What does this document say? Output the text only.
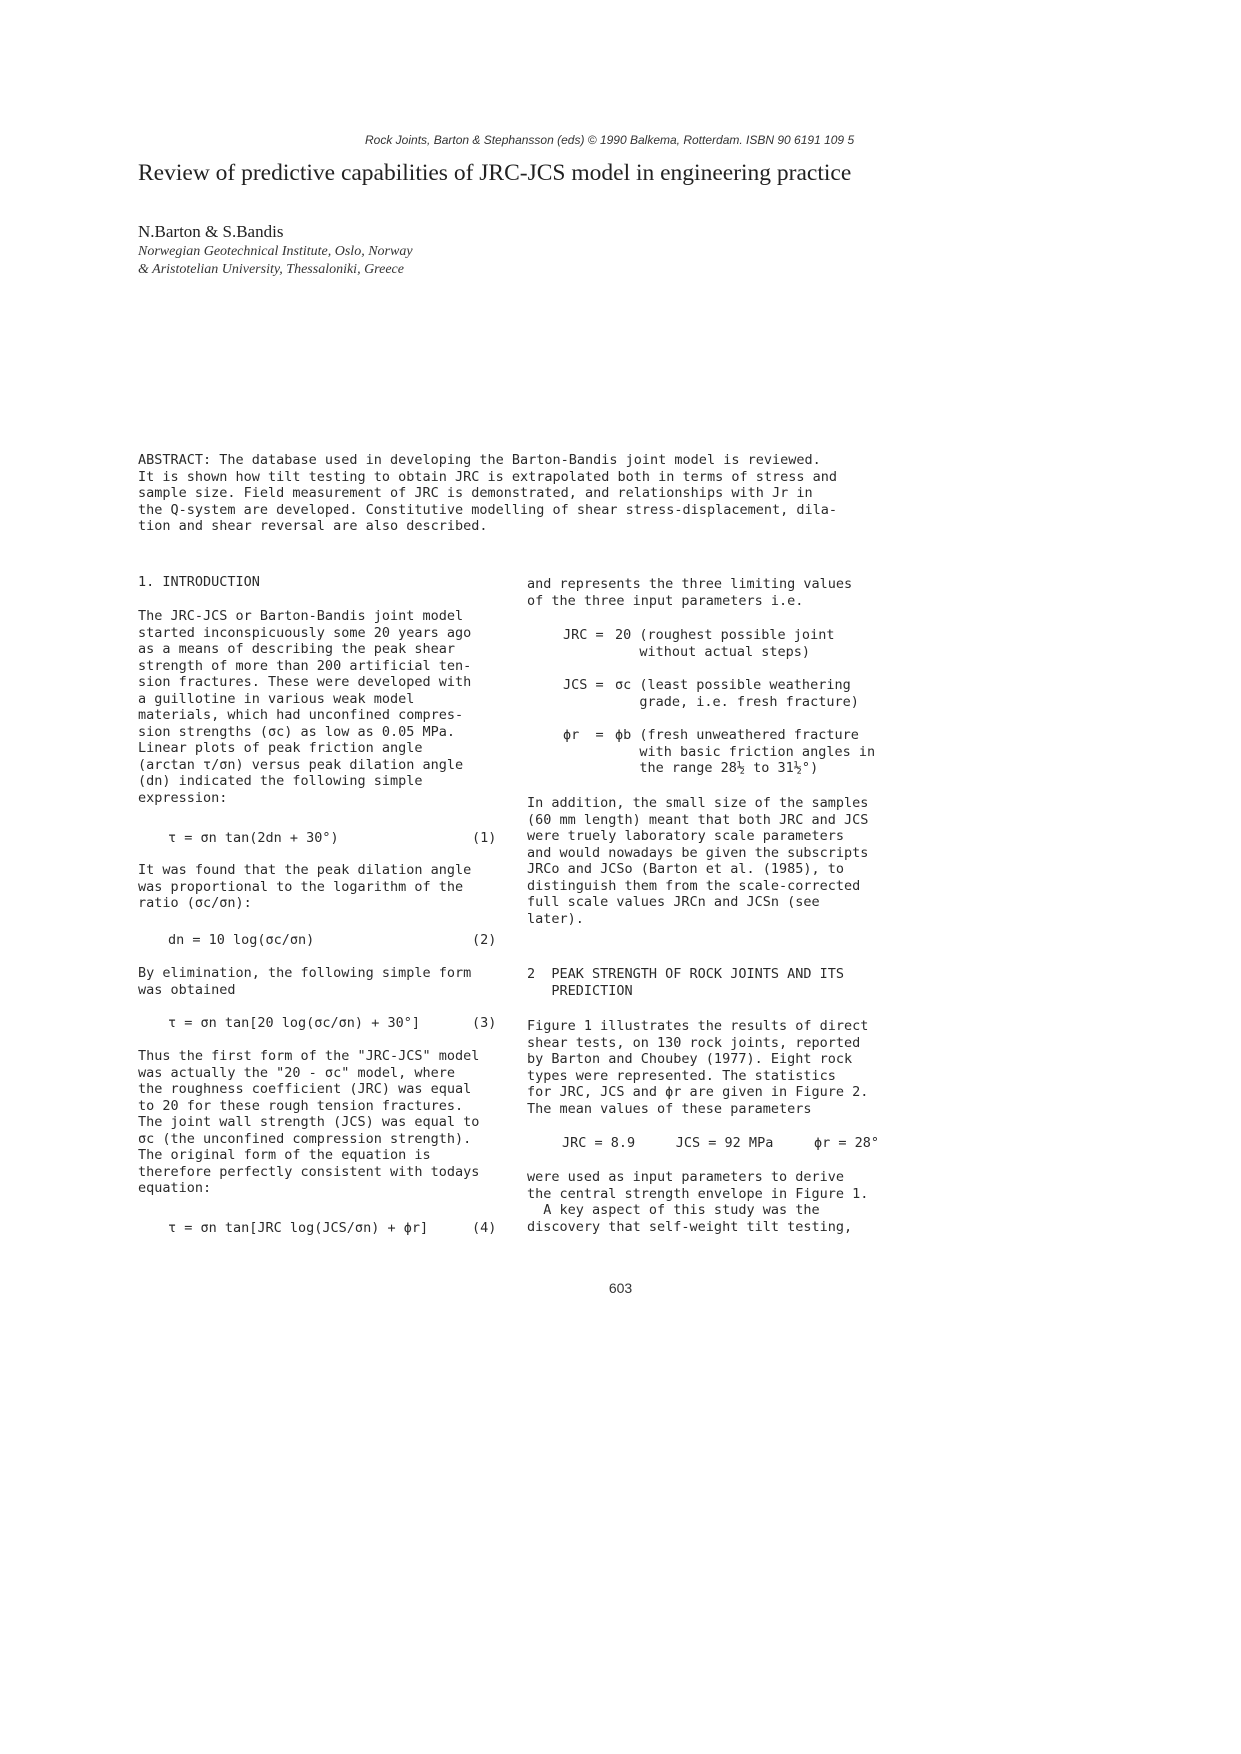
Rock Joints, Barton & Stephansson (eds) © 1990 Balkema, Rotterdam. ISBN 90 6191 109 5
Review of predictive capabilities of JRC-JCS model in engineering practice
N.Barton & S.Bandis
Norwegian Geotechnical Institute, Oslo, Norway
& Aristotelian University, Thessaloniki, Greece
ABSTRACT: The database used in developing the Barton-Bandis joint model is reviewed.
It is shown how tilt testing to obtain JRC is extrapolated both in terms of stress and
sample size. Field measurement of JRC is demonstrated, and relationships with Jr in
the Q-system are developed. Constitutive modelling of shear stress-displacement, dila-
tion and shear reversal are also described.
1. INTRODUCTION
The JRC-JCS or Barton-Bandis joint model
started inconspicuously some 20 years ago
as a means of describing the peak shear
strength of more than 200 artificial ten-
sion fractures. These were developed with
a guillotine in various weak model
materials, which had unconfined compres-
sion strengths (σc) as low as 0.05 MPa.
Linear plots of peak friction angle
(arctan τ/σn) versus peak dilation angle
(dn) indicated the following simple
expression:
τ = σn tan(2dn + 30°)	(1)
It was found that the peak dilation angle
was proportional to the logarithm of the
ratio (σc/σn):
dn = 10 log(σc/σn)	(2)
By elimination, the following simple form
was obtained
τ = σn tan[20 log(σc/σn) + 30°]	(3)
Thus the first form of the "JRC-JCS" model
was actually the "20 - σc" model, where
the roughness coefficient (JRC) was equal
to 20 for these rough tension fractures.
The joint wall strength (JCS) was equal to
σc (the unconfined compression strength).
The original form of the equation is
therefore perfectly consistent with todays
equation:
τ = σn tan[JRC log(JCS/σn) + ϕr]	(4)
and represents the three limiting values
of the three input parameters i.e.
JRC = 20 (roughest possible joint
without actual steps)
JCS = σc (least possible weathering
grade, i.e. fresh fracture)
ϕr  = ϕb (fresh unweathered fracture
with basic friction angles in
the range 28½ to 31½°)
In addition, the small size of the samples
(60 mm length) meant that both JRC and JCS
were truely laboratory scale parameters
and would nowadays be given the subscripts
JRCo and JCSo (Barton et al. (1985), to
distinguish them from the scale-corrected
full scale values JRCn and JCSn (see
later).
2  PEAK STRENGTH OF ROCK JOINTS AND ITS
PREDICTION
Figure 1 illustrates the results of direct
shear tests, on 130 rock joints, reported
by Barton and Choubey (1977). Eight rock
types were represented. The statistics
for JRC, JCS and ϕr are given in Figure 2.
The mean values of these parameters
JRC = 8.9     JCS = 92 MPa     ϕr = 28°
were used as input parameters to derive
the central strength envelope in Figure 1.
A key aspect of this study was the
discovery that self-weight tilt testing,
603
